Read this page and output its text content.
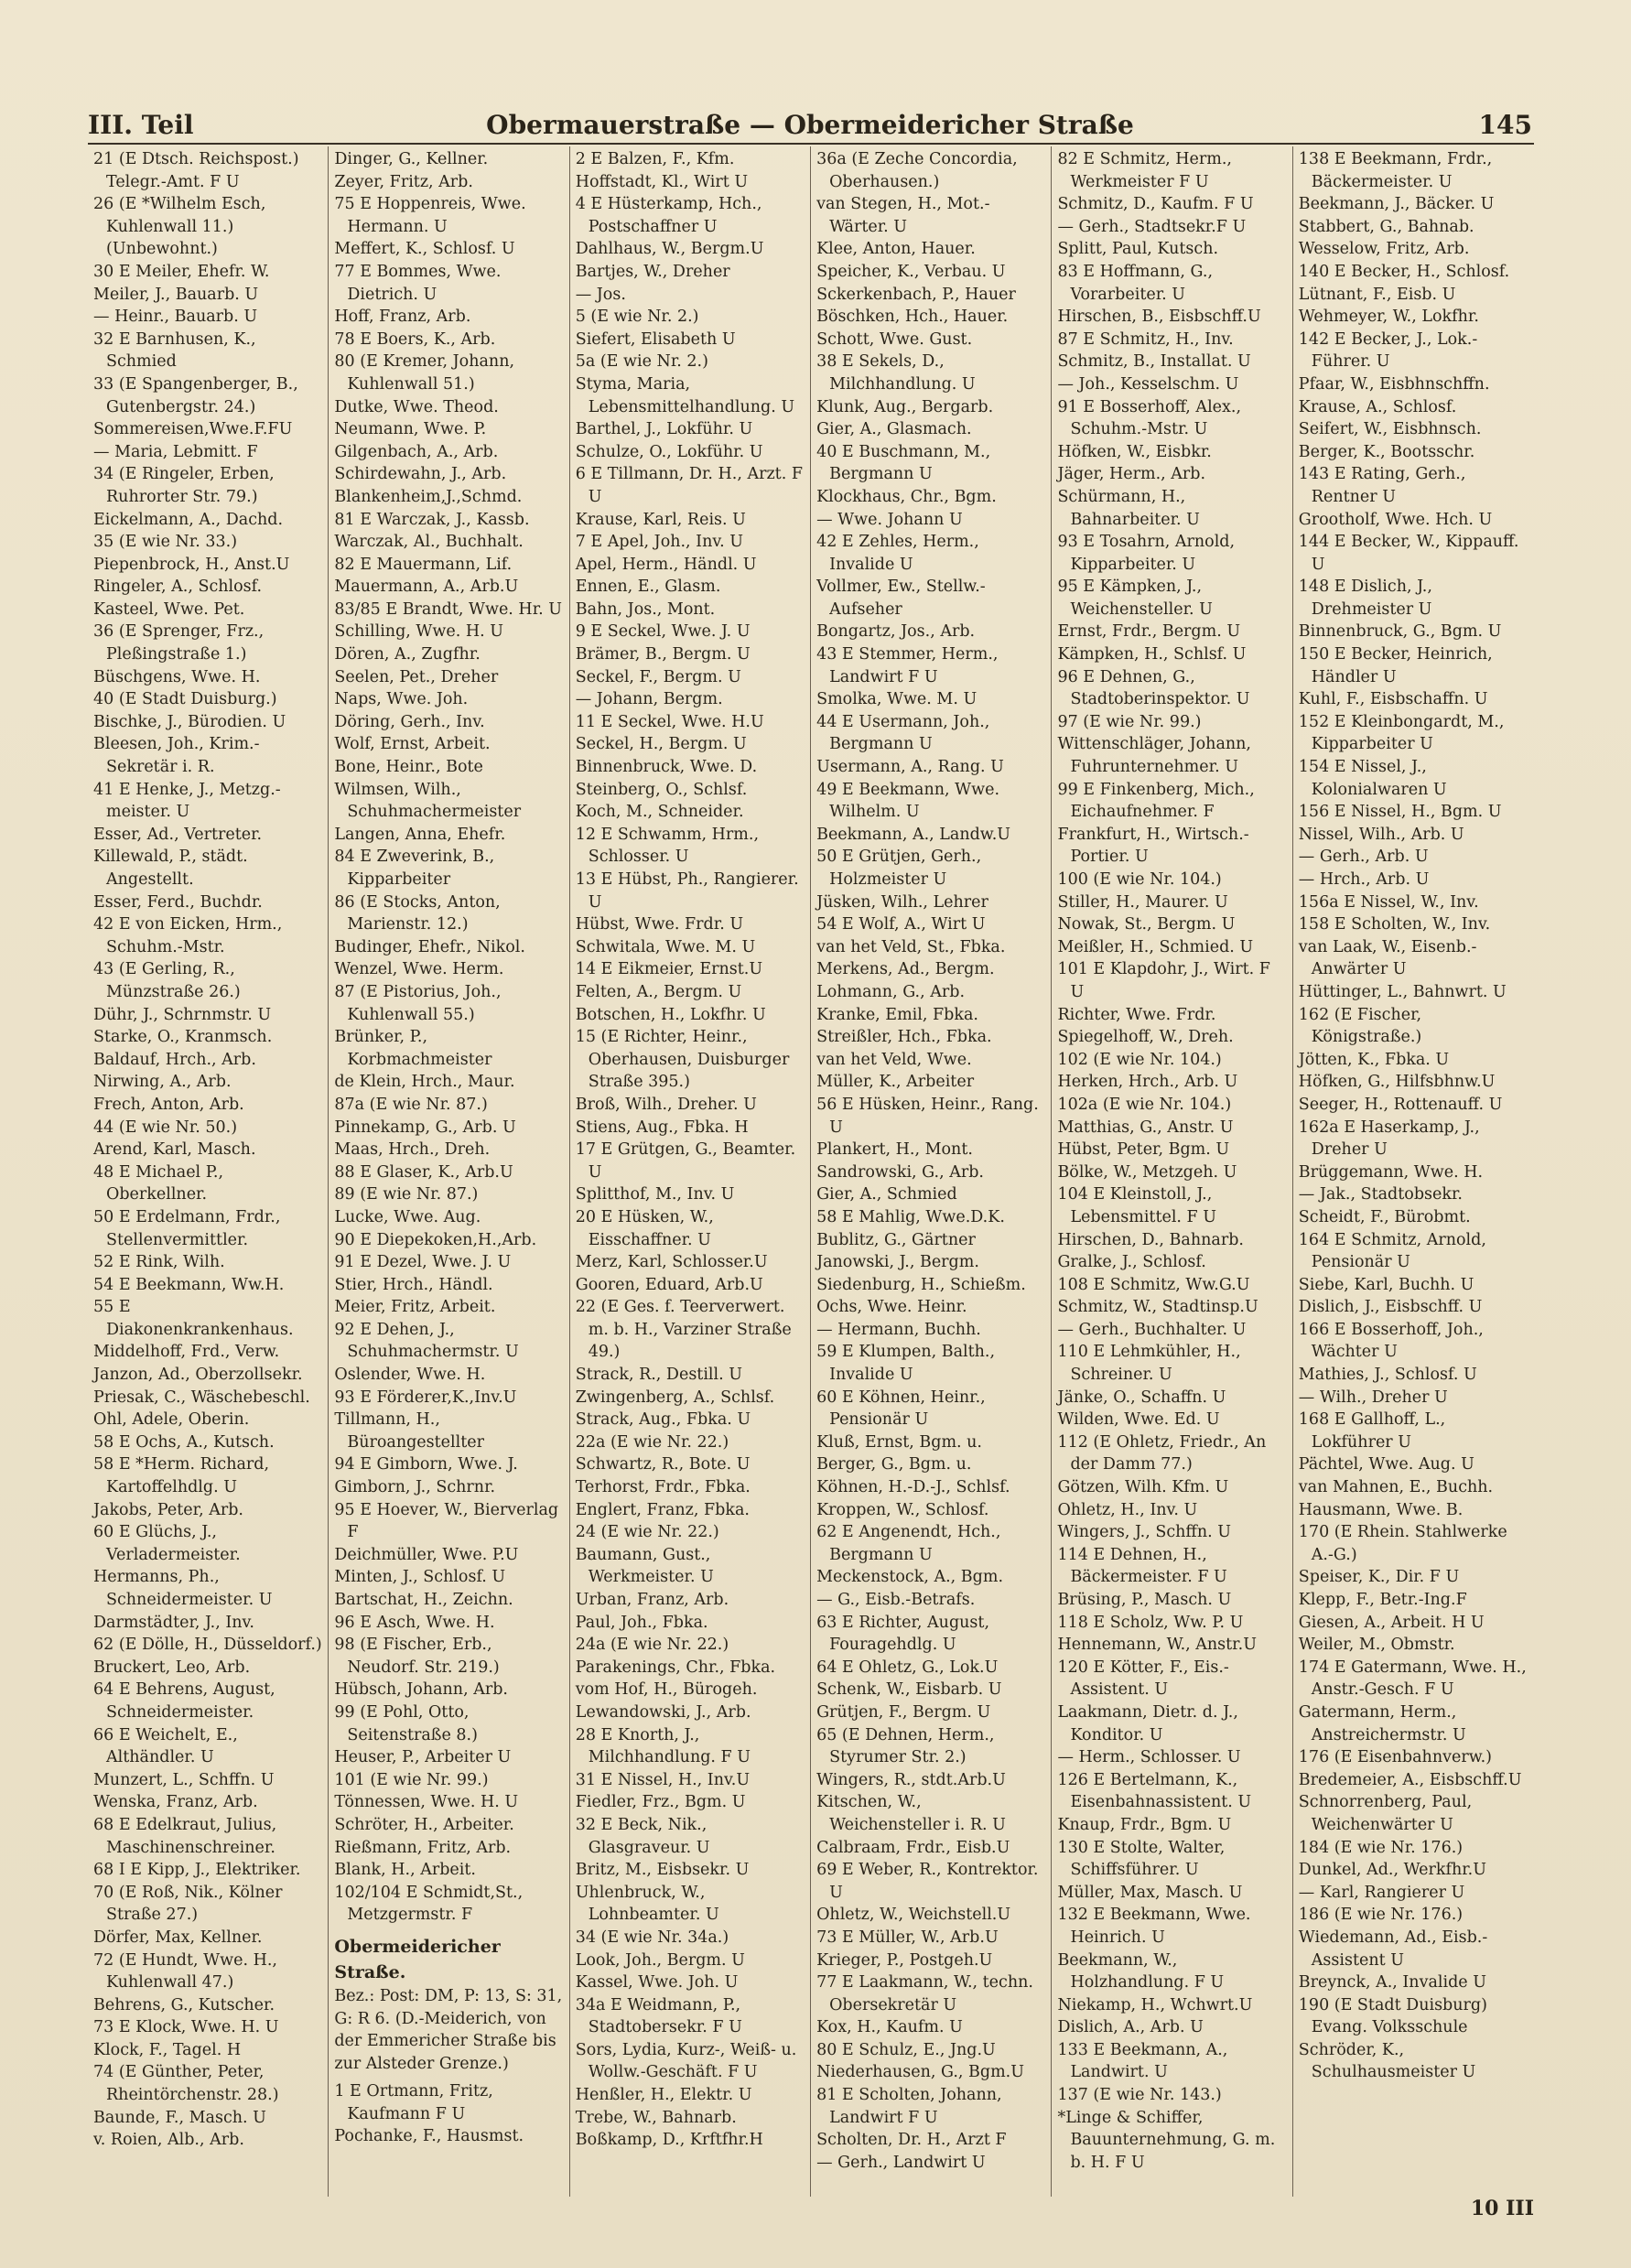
III. Teil	Obermauerstraße — Obermeidericher Straße	145

21 (E Dtsch. Reichspost.) Telegr.-Amt. F U

26 (E *Wilhelm Esch, Kuhlenwall 11.) (Unbewohnt.)

30 E Meiler, Ehefr. W.

Meiler, J., Bauarb. U

— Heinr., Bauarb. U

32 E Barnhusen, K., Schmied

33 (E Spangenberger, B., Gutenbergstr. 24.)

Sommereisen,Wwe.F.FU

— Maria, Lebmitt. F

34 (E Ringeler, Erben, Ruhrorter Str. 79.)

Eickelmann, A., Dachd.

35 (E wie Nr. 33.)

Piepenbrock, H., Anst.U

Ringeler, A., Schlosf.

Kasteel, Wwe. Pet.

36 (E Sprenger, Frz., Pleßingstraße 1.)

Büschgens, Wwe. H.

40 (E Stadt Duisburg.)

Bischke, J., Bürodien. U

Bleesen, Joh., Krim.-Sekretär i. R.

41 E Henke, J., Metzg.-meister. U

Esser, Ad., Vertreter.

Killewald, P., städt. Angestellt.

Esser, Ferd., Buchdr.

42 E von Eicken, Hrm., Schuhm.-Mstr.

43 (E Gerling, R., Münzstraße 26.)

Dühr, J., Schrnmstr. U

Starke, O., Kranmsch.

Baldauf, Hrch., Arb.

Nirwing, A., Arb.

Frech, Anton, Arb.

44 (E wie Nr. 50.)

Arend, Karl, Masch.

48 E Michael P., Oberkellner.

50 E Erdelmann, Frdr., Stellenvermittler.

52 E Rink, Wilh.

54 E Beekmann, Ww.H.

55 E Diakonenkrankenhaus.

Middelhoff, Frd., Verw.

Janzon, Ad., Oberzollsekr.

Priesak, C., Wäschebeschl.

Ohl, Adele, Oberin.

58 E Ochs, A., Kutsch.

58 E *Herm. Richard, Kartoffelhdlg. U

Jakobs, Peter, Arb.

60 E Glüchs, J., Verladermeister.

Hermanns, Ph., Schneidermeister. U

Darmstädter, J., Inv.

62 (E Dölle, H., Düsseldorf.)

Bruckert, Leo, Arb.

64 E Behrens, August, Schneidermeister.

66 E Weichelt, E., Althändler. U

Munzert, L., Schffn. U

Wenska, Franz, Arb.

68 E Edelkraut, Julius, Maschinenschreiner.

68 I E Kipp, J., Elektriker.

70 (E Roß, Nik., Kölner Straße 27.)

Dörfer, Max, Kellner.

72 (E Hundt, Wwe. H., Kuhlenwall 47.)

Behrens, G., Kutscher.

73 E Klock, Wwe. H. U

Klock, F., Tagel. H

74 (E Günther, Peter, Rheintörchenstr. 28.)

Baunde, F., Masch. U

v. Roien, Alb., Arb.

Dinger, G., Kellner.

Zeyer, Fritz, Arb.

75 E Hoppenreis, Wwe. Hermann. U

Meffert, K., Schlosf. U

77 E Bommes, Wwe. Dietrich. U

Hoff, Franz, Arb.

78 E Boers, K., Arb.

80 (E Kremer, Johann, Kuhlenwall 51.)

Dutke, Wwe. Theod.

Neumann, Wwe. P.

Gilgenbach, A., Arb.

Schirdewahn, J., Arb.

Blankenheim,J.,Schmd.

81 E Warczak, J., Kassb.

Warczak, Al., Buchhalt.

82 E Mauermann, Lif.

Mauermann, A., Arb.U

83/85 E Brandt, Wwe. Hr. U

Schilling, Wwe. H. U

Dören, A., Zugfhr.

Seelen, Pet., Dreher

Naps, Wwe. Joh.

Döring, Gerh., Inv.

Wolf, Ernst, Arbeit.

Bone, Heinr., Bote

Wilmsen, Wilh., Schuhmachermeister

Langen, Anna, Ehefr.

84 E Zweverink, B., Kipparbeiter

86 (E Stocks, Anton, Marienstr. 12.)

Budinger, Ehefr., Nikol.

Wenzel, Wwe. Herm.

87 (E Pistorius, Joh., Kuhlenwall 55.)

Brünker, P., Korbmachmeister

de Klein, Hrch., Maur.

87a (E wie Nr. 87.)

Pinnekamp, G., Arb. U

Maas, Hrch., Dreh.

88 E Glaser, K., Arb.U

89 (E wie Nr. 87.)

Lucke, Wwe. Aug.

90 E Diepekoken,H.,Arb.

91 E Dezel, Wwe. J. U

Stier, Hrch., Händl.

Meier, Fritz, Arbeit.

92 E Dehen, J., Schuhmachermstr. U

Oslender, Wwe. H.

93 E Förderer,K.,Inv.U

Tillmann, H., Büroangestellter

94 E Gimborn, Wwe. J.

Gimborn, J., Schrnr.

95 E Hoever, W., Bierverlag F

Deichmüller, Wwe. P.U

Minten, J., Schlosf. U

Bartschat, H., Zeichn.

96 E Asch, Wwe. H.

98 (E Fischer, Erb., Neudorf. Str. 219.)

Hübsch, Johann, Arb.

99 (E Pohl, Otto, Seitenstraße 8.)

Heuser, P., Arbeiter U

101 (E wie Nr. 99.)

Tönnessen, Wwe. H. U

Schröter, H., Arbeiter.

Rießmann, Fritz, Arb.

Blank, H., Arbeit.

102/104 E Schmidt,St., Metzgermstr. F

Obermeidericher Straße.
Bez.: Post: DM, P: 13, S: 31, G: R 6. (D.-Meiderich, von der Emmericher Straße bis zur Alsteder Grenze.)

1 E Ortmann, Fritz, Kaufmann F U

Pochanke, F., Hausmst.

2 E Balzen, F., Kfm.

Hoffstadt, Kl., Wirt U

4 E Hüsterkamp, Hch., Postschaffner U

Dahlhaus, W., Bergm.U

Bartjes, W., Dreher

— Jos.

5 (E wie Nr. 2.)

Siefert, Elisabeth U

5a (E wie Nr. 2.)

Styma, Maria, Lebensmittelhandlung. U

Barthel, J., Lokführ. U

Schulze, O., Lokführ. U

6 E Tillmann, Dr. H., Arzt. F U

Krause, Karl, Reis. U

7 E Apel, Joh., Inv. U

Apel, Herm., Händl. U

Ennen, E., Glasm.

Bahn, Jos., Mont.

9 E Seckel, Wwe. J. U

Brämer, B., Bergm. U

Seckel, F., Bergm. U

— Johann, Bergm.

11 E Seckel, Wwe. H.U

Seckel, H., Bergm. U

Binnenbruck, Wwe. D.

Steinberg, O., Schlsf.

Koch, M., Schneider.

12 E Schwamm, Hrm., Schlosser. U

13 E Hübst, Ph., Rangierer. U

Hübst, Wwe. Frdr. U

Schwitala, Wwe. M. U

14 E Eikmeier, Ernst.U

Felten, A., Bergm. U

Botschen, H., Lokfhr. U

15 (E Richter, Heinr., Oberhausen, Duisburger Straße 395.)

Broß, Wilh., Dreher. U

Stiens, Aug., Fbka. H

17 E Grütgen, G., Beamter. U

Splitthof, M., Inv. U

20 E Hüsken, W., Eisschaffner. U

Merz, Karl, Schlosser.U

Gooren, Eduard, Arb.U

22 (E Ges. f. Teerverwert. m. b. H., Varziner Straße 49.)

Strack, R., Destill. U

Zwingenberg, A., Schlsf.

Strack, Aug., Fbka. U

22a (E wie Nr. 22.)

Schwartz, R., Bote. U

Terhorst, Frdr., Fbka.

Englert, Franz, Fbka.

24 (E wie Nr. 22.)

Baumann, Gust., Werkmeister. U

Urban, Franz, Arb.

Paul, Joh., Fbka.

24a (E wie Nr. 22.)

Parakenings, Chr., Fbka.

vom Hof, H., Bürogeh.

Lewandowski, J., Arb.

28 E Knorth, J., Milchhandlung. F U

31 E Nissel, H., Inv.U

Fiedler, Frz., Bgm. U

32 E Beck, Nik., Glasgraveur. U

Britz, M., Eisbsekr. U

Uhlenbruck, W., Lohnbeamter. U

34 (E wie Nr. 34a.)

Look, Joh., Bergm. U

Kassel, Wwe. Joh. U

34a E Weidmann, P., Stadtobersekr. F U

Sors, Lydia, Kurz-, Weiß- u. Wollw.-Geschäft. F U

Henßler, H., Elektr. U

Trebe, W., Bahnarb.

Boßkamp, D., Krftfhr.H

36a (E Zeche Concordia, Oberhausen.)

van Stegen, H., Mot.-Wärter. U

Klee, Anton, Hauer.

Speicher, K., Verbau. U

Sckerkenbach, P., Hauer

Böschken, Hch., Hauer.

Schott, Wwe. Gust.

38 E Sekels, D., Milchhandlung. U

Klunk, Aug., Bergarb.

Gier, A., Glasmach.

40 E Buschmann, M., Bergmann U

Klockhaus, Chr., Bgm.

— Wwe. Johann U

42 E Zehles, Herm., Invalide U

Vollmer, Ew., Stellw.-Aufseher

Bongartz, Jos., Arb.

43 E Stemmer, Herm., Landwirt F U

Smolka, Wwe. M. U

44 E Usermann, Joh., Bergmann U

Usermann, A., Rang. U

49 E Beekmann, Wwe. Wilhelm. U

Beekmann, A., Landw.U

50 E Grütjen, Gerh., Holzmeister U

Jüsken, Wilh., Lehrer

54 E Wolf, A., Wirt U

van het Veld, St., Fbka.

Merkens, Ad., Bergm.

Lohmann, G., Arb.

Kranke, Emil, Fbka.

Streißler, Hch., Fbka.

van het Veld, Wwe.

Müller, K., Arbeiter

56 E Hüsken, Heinr., Rang. U

Plankert, H., Mont.

Sandrowski, G., Arb.

Gier, A., Schmied

58 E Mahlig, Wwe.D.K.

Bublitz, G., Gärtner

Janowski, J., Bergm.

Siedenburg, H., Schießm.

Ochs, Wwe. Heinr.

— Hermann, Buchh.

59 E Klumpen, Balth., Invalide U

60 E Köhnen, Heinr., Pensionär U

Kluß, Ernst, Bgm. u.

Berger, G., Bgm. u.

Köhnen, H.-D.-J., Schlsf.

Kroppen, W., Schlosf.

62 E Angenendt, Hch., Bergmann U

Meckenstock, A., Bgm.

— G., Eisb.-Betrafs.

63 E Richter, August, Fouragehdlg. U

64 E Ohletz, G., Lok.U

Schenk, W., Eisbarb. U

Grütjen, F., Bergm. U

65 (E Dehnen, Herm., Styrumer Str. 2.)

Wingers, R., stdt.Arb.U

Kitschen, W., Weichensteller i. R. U

Calbraam, Frdr., Eisb.U

69 E Weber, R., Kontrektor. U

Ohletz, W., Weichstell.U

73 E Müller, W., Arb.U

Krieger, P., Postgeh.U

77 E Laakmann, W., techn. Obersekretär U

Kox, H., Kaufm. U

80 E Schulz, E., Jng.U

Niederhausen, G., Bgm.U

81 E Scholten, Johann, Landwirt F U

Scholten, Dr. H., Arzt F

— Gerh., Landwirt U

82 E Schmitz, Herm., Werkmeister F U

Schmitz, D., Kaufm. F U

— Gerh., Stadtsekr.F U

Splitt, Paul, Kutsch.

83 E Hoffmann, G., Vorarbeiter. U

Hirschen, B., Eisbschff.U

87 E Schmitz, H., Inv.

Schmitz, B., Installat. U

— Joh., Kesselschm. U

91 E Bosserhoff, Alex., Schuhm.-Mstr. U

Höfken, W., Eisbkr.

Jäger, Herm., Arb.

Schürmann, H., Bahnarbeiter. U

93 E Tosahrn, Arnold, Kipparbeiter. U

95 E Kämpken, J., Weichensteller. U

Ernst, Frdr., Bergm. U

Kämpken, H., Schlsf. U

96 E Dehnen, G., Stadtoberinspektor. U

97 (E wie Nr. 99.)

Wittenschläger, Johann, Fuhrunternehmer. U

99 E Finkenberg, Mich., Eichaufnehmer. F

Frankfurt, H., Wirtsch.-Portier. U

100 (E wie Nr. 104.)

Stiller, H., Maurer. U

Nowak, St., Bergm. U

Meißler, H., Schmied. U

101 E Klapdohr, J., Wirt. F U

Richter, Wwe. Frdr.

Spiegelhoff, W., Dreh.

102 (E wie Nr. 104.)

Herken, Hrch., Arb. U

102a (E wie Nr. 104.)

Matthias, G., Anstr. U

Hübst, Peter, Bgm. U

Bölke, W., Metzgeh. U

104 E Kleinstoll, J., Lebensmittel. F U

Hirschen, D., Bahnarb.

Gralke, J., Schlosf.

108 E Schmitz, Ww.G.U

Schmitz, W., Stadtinsp.U

— Gerh., Buchhalter. U

110 E Lehmkühler, H., Schreiner. U

Jänke, O., Schaffn. U

Wilden, Wwe. Ed. U

112 (E Ohletz, Friedr., An der Damm 77.)

Götzen, Wilh. Kfm. U

Ohletz, H., Inv. U

Wingers, J., Schffn. U

114 E Dehnen, H., Bäckermeister. F U

Brüsing, P., Masch. U

118 E Scholz, Ww. P. U

Hennemann, W., Anstr.U

120 E Kötter, F., Eis.-Assistent. U

Laakmann, Dietr. d. J., Konditor. U

— Herm., Schlosser. U

126 E Bertelmann, K., Eisenbahnassistent. U

Knaup, Frdr., Bgm. U

130 E Stolte, Walter, Schiffsführer. U

Müller, Max, Masch. U

132 E Beekmann, Wwe. Heinrich. U

Beekmann, W., Holzhandlung. F U

Niekamp, H., Wchwrt.U

Dislich, A., Arb. U

133 E Beekmann, A., Landwirt. U

137 (E wie Nr. 143.)

*Linge & Schiffer, Bauunternehmung, G. m. b. H. F U

138 E Beekmann, Frdr., Bäckermeister. U

Beekmann, J., Bäcker. U

Stabbert, G., Bahnab.

Wesselow, Fritz, Arb.

140 E Becker, H., Schlosf.

Lütnant, F., Eisb. U

Wehmeyer, W., Lokfhr.

142 E Becker, J., Lok.-Führer. U

Pfaar, W., Eisbhnschffn.

Krause, A., Schlosf.

Seifert, W., Eisbhnsch.

Berger, K., Bootsschr.

143 E Rating, Gerh., Rentner U

Grootholf, Wwe. Hch. U

144 E Becker, W., Kippauff. U

148 E Dislich, J., Drehmeister U

Binnenbruck, G., Bgm. U

150 E Becker, Heinrich, Händler U

Kuhl, F., Eisbschaffn. U

152 E Kleinbongardt, M., Kipparbeiter U

154 E Nissel, J., Kolonialwaren U

156 E Nissel, H., Bgm. U

Nissel, Wilh., Arb. U

— Gerh., Arb. U

— Hrch., Arb. U

156a E Nissel, W., Inv.

158 E Scholten, W., Inv.

van Laak, W., Eisenb.-Anwärter U

Hüttinger, L., Bahnwrt. U

162 (E Fischer, Königstraße.)

Jötten, K., Fbka. U

Höfken, G., Hilfsbhnw.U

Seeger, H., Rottenauff. U

162a E Haserkamp, J., Dreher U

Brüggemann, Wwe. H.

— Jak., Stadtobsekr.

Scheidt, F., Bürobmt.

164 E Schmitz, Arnold, Pensionär U

Siebe, Karl, Buchh. U

Dislich, J., Eisbschff. U

166 E Bosserhoff, Joh., Wächter U

Mathies, J., Schlosf. U

— Wilh., Dreher U

168 E Gallhoff, L., Lokführer U

Pächtel, Wwe. Aug. U

van Mahnen, E., Buchh.

Hausmann, Wwe. B.

170 (E Rhein. Stahlwerke A.-G.)

Speiser, K., Dir. F U

Klepp, F., Betr.-Ing.F

Giesen, A., Arbeit. H U

Weiler, M., Obmstr.

174 E Gatermann, Wwe. H., Anstr.-Gesch. F U

Gatermann, Herm., Anstreichermstr. U

176 (E Eisenbahnverw.)

Bredemeier, A., Eisbschff.U

Schnorrenberg, Paul, Weichenwärter U

184 (E wie Nr. 176.)

Dunkel, Ad., Werkfhr.U

— Karl, Rangierer U

186 (E wie Nr. 176.)

Wiedemann, Ad., Eisb.-Assistent U

Breynck, A., Invalide U

190 (E Stadt Duisburg) Evang. Volksschule

Schröder, K., Schulhausmeister U

10 III
